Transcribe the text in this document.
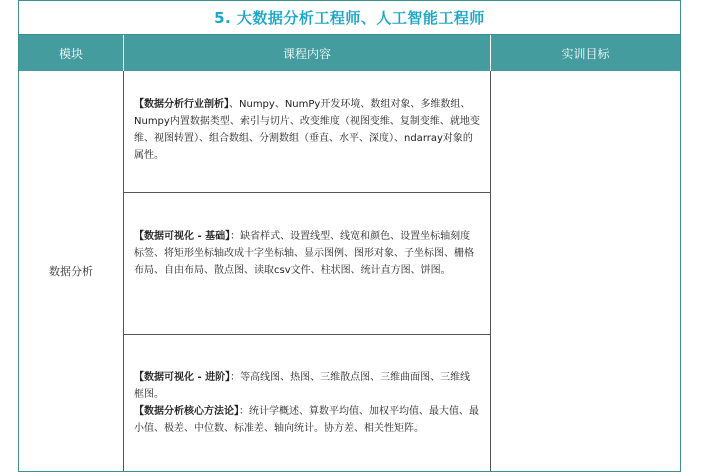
5. 大数据分析工程师、人工智能工程师
模块	课程内容	实训目标
数据分析

【数据分析行业剖析】、Numpy、NumPy开发环境、数组对象、多维数组、Numpy内置数据类型、索引与切片、改变维度（视图变维、复制变维、就地变维、视图转置）、组合数组、分割数组（垂直、水平、深度）、ndarray对象的属性。

【数据可视化 - 基础】：缺省样式、设置线型、线宽和颜色、设置坐标轴刻度标签、将矩形坐标轴改成十字坐标轴、显示图例、图形对象、子坐标图、栅格布局、自由布局、散点图、读取csv文件、柱状图、统计直方图、饼图。

【数据可视化 - 进阶】：等高线图、热图、三维散点图、三维曲面图、三维线框图。

【数据分析核心方法论】：统计学概述、算数平均值、加权平均值、最大值、最小值、极差、中位数、标准差、轴向统计。协方差、相关性矩阵。
